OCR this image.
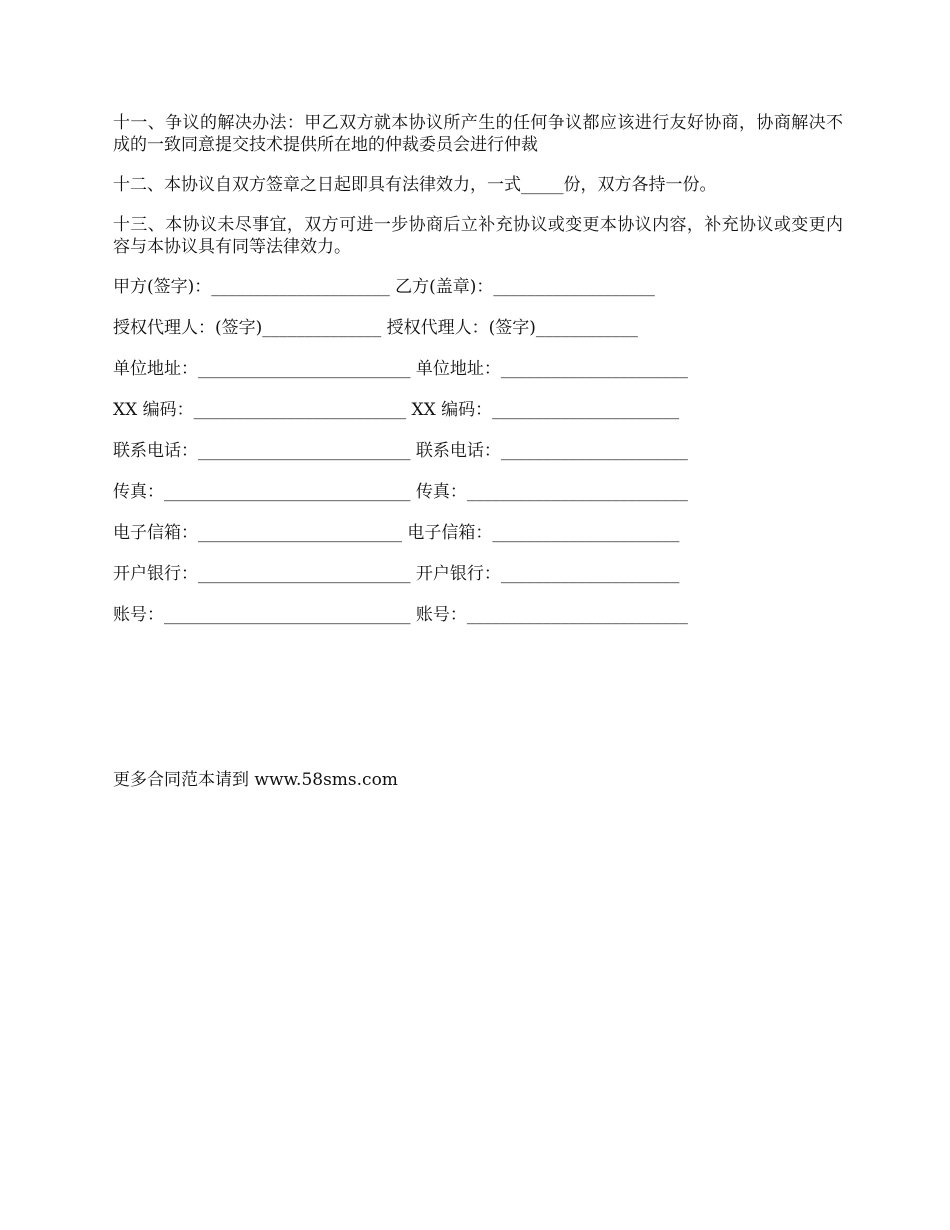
十一、争议的解决办法：甲乙双方就本协议所产生的任何争议都应该进行友好协商，协商解决不成的一致同意提交技术提供所在地的仲裁委员会进行仲裁

十二、本协议自双方签章之日起即具有法律效力，一式_____份，双方各持一份。

十三、本协议未尽事宜，双方可进一步协商后立补充协议或变更本协议内容，补充协议或变更内容与本协议具有同等法律效力。

甲方(签字)：_____________________ 乙方(盖章)：___________________

授权代理人：(签字)______________ 授权代理人：(签字)____________

单位地址：_________________________ 单位地址：______________________

XX 编码：_________________________ XX 编码：______________________

联系电话：_________________________ 联系电话：______________________

传真：_____________________________ 传真：__________________________

电子信箱：________________________ 电子信箱：______________________

开户银行：_________________________ 开户银行：_____________________

账号：_____________________________ 账号：__________________________

更多合同范本请到 www.58sms.com
